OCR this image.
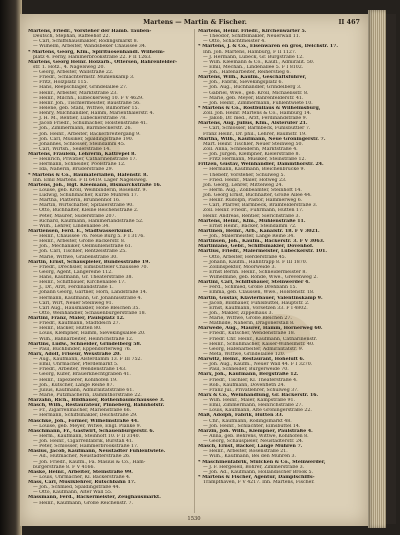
Martens — Martin & Fischer.	II 467

Martens, Friedr., Vorsteher der Hamb. Tauben-

Deutsch, Stephan, Raffeehof 22.

— Carl, Schiffshausmakler, Rödingsmarkt 8.

— Wilhelm, Arbeiter, Wandsbeker Chaussee 34.

* Martens, Georg, Kfm., Spirituosenhandl. Wilhelm-

platz 4. Ferny, Hammerbrookstraße 22. F II 1263.

Martens, Georg Heinr. Holzarb., Ottersen, Bahrenfelder-

str. 1. Hotz., 4. Nagelsweg 20.

— Georg, Arbeiter, Wallstraße 22.

— Friedr., Schlachtermstr. Mühlenkamp 3.

— Fritz, Holzplatz 115.

— Hans, Reepschläger, Grindelallee 27.

— Heinr., Arbeiter, Marktstraße 23.

— Heinr., Milchh., Eilbeckerweg 10. F V 4629.

— Heinr. Joh., Tischlermeister, Baustraße 56.

— Helene, geb. Stahl, Wittwe, Billhorner 15.

— Henry, Milchhändler, Hamm, Marienthalerstr. 4.

— J. H. M., Rentier, Lübeckerstraße 78.

— Jacob Friedr., Schumacher, Holstenstraße 41.

— Joh., Zimmermann, Barmbeckerstr. 26.

— Joh. Heinr., Arbeiter, Bäckerbreitergang 9.

— Joh. Carl, Musiker, Spaldingstraße 190.

— Johannes, Schlosser, Steindamm 45.

— Carl, Wirtsh., Seilerstraße 14.

Martens, Fräulein, Lehrerin, Kattrepel 8.

— Heinrich, Privatier, Catharinenstraße 17.

— Hermann, Schneider, Poolstraße 12.

— Ida, Näherin, Brüderstraße 29.

* Martens & Co., Baumaterialien, Hafenstr. 8.

Inh. Emil Martens. F II 6419. Lager Nagelsweg.

Martens, Joh., Hgt. Kleemann, Bismarckstraße 16.

— Louise, geb. Kroll, Weißbinderin, Rosenstr. 9.

— Ludwig, Schuhmacher, Kurze Mühren 17.

— Martha, Plätterin, Brunnenhof 16.

— Martin, Wirtschafter, Spitalerstraße 90.

— Otto, Buchhalter, Kleine Reichenstraße 2.

— Peter, Maurer, Süderstraße 207.

— Richard, Kaufmann, Hammerlandstraße 52.

— Wilh., Lehrer, Lindenallee 34.

Martiensen, Ferd. E., Stadtwasserkunst.

— Heinr., Chaussee 76. Neue Burg 5. F I 3176.

— Heinr., Arbeiter, Große Bäckerstr. 8.

— Joh., Mechaniker, Oelmühlenstraße 61.

— Joh. Carl, Tischler, Rentzelstraße 25.

— Marie, Wittwe, Grabenstraße 30.

Martin, Ernst, Schauspieler, Bundesstraße 19.

— Friedr., Drechsler, Eimsbütteler Chaussee 70.

— Georg, Agent, Langereihe 112.

— Hans, Kaufmann, Gr. Theaterstraße 38.

— Heinr., Schiffbauer, Kirchenallee 17.

— J., Dr., Arzt, Ferdinandstraße 1.

— Johann Georg, Gärtner, Horn, Landstraße 14.

— Hermann, Kaufmann, Gr. Johannisstraße 4.

— Carl, Wirt, Neuer Steinweg 91.

— Carl Aug., Hausmakler, Hohe Bleichen 35.

— Otto, Weinhändler, Schauenburgerstraße 18.

Martini, Franz, Maler, Paulsplatz 12.

— Friedr., Kaufmann, Stadtdeich 27.

— Heinr., Bäcker, Hütten 80.

— Louis, Klempner, Hamm, Sievekingsallee 20.

— Wilh., Bahnarbeiter, Heinrichstraße 12.

Martins, Ludw., Schneider, Grindelberg 58.

— Paul, Buchbinder, Eppendorferweg 76.

Marx, Adolf, Friseur, Wexstraße 20.

— Aug., Kaufmann, Alsterdamm 13. F III 752.

— Emil, Uhrmacher, Pferdemarkt 5.

— Friedr., Arbeiter, Wendenstraße 143.

— Georg, Küfer, Brauerknechtgraben 41.

— Heinr., Tapezierer, Kohlhöfen 19.

— Joh., Kutscher, Lange Reihe 87.

— Julius, Kaufmann, Admiralitätstraße 61.

— Marie, Putzmacherin, Dammthorstraße 22.

Marzahn, Rich., Bildhauer, Rothenbaumchaussee 3.

Masch, Wilh., Restaurateur, Pinneberg, Bahnhofstr.

— Fr., Zigarrenmacher, Marienstraße 66.

— Hermann, Schiffsmakler, Deichstraße 29.

Maschke, Joh., Former, Wilhelmstraße 44.

— Louise, geb. Meyer, Witwe, Engl. Planke 9.

Maschmann, Fr., Gastwirt, Schauenburgerstr. 6.

— Herm., Kaufmann, Steinhöft 10. F II 3140.

— Joh. Heinr., Cigarrenfabrik, Burstah 41.

— Peter, Schlosser, Hammerbrookstraße 17.

Masius, Jacob, Kaufmann, Neustädter Fuhlentwiete.

— Ad., Hutmacher, Neustädterstraße 26.

— Joh. Friedr., Kaufm., Fa. Masius & Co., Ham-

burgerstraße 8. F V 4166.

Maske, Heinr., Arbeiter, Steinstraße 99.

— Louis, Uhrmacher, Kl. Bäckerstraße 4.

Mass, Carl, Musiklehrer, Rutschbahn 17.

— Joh., Schmied, Spaldingstraße 44.

— Otto, Kaufmann, Alter Wall 55.

Massmann, Ferd., Bäckermeister, Zeughausmarkt.

— Heinr., Kaufmann, Große Reichenstr. 7.

Martens, Heinr. Friedr., Kirchenwärter 5.

— Theodor, Schiffsmakler, Neuerwall 11.

— Otto, Schachtmeister 4.

* Martens, J. & Co., Eisenwaren en gros, Deichstr. 17.

Inh. Joh. Martens, Hamburg, F II 1127.

— J. Hermann, Lübeck, Gr. Burgstraße 12.

— Wilh. Kleemann & Co., Kaufl., Admiralit. 50.

— Emil, Mechan., Lindenallee 5. F I 8102.

— Joh., Hafenarbeiter, Reiherstieg 6.

Martens, Wilh., Kaufm., Geschäftsführer,

— Joh., Fabrik, Sievekingsplatz 6.

— Joh. Aug., Buchhändler, Grindelberg 3.

— Gabriel, Wwe., geb. Kroll, Michaelisstr. 8.

— Marie, geb. Meyer, Bahrenfelderstr. 41.

— Joh. Heinr., Zimmermann, Fuhlentwiete 10.

* Martens & Co., Rostbüllaus & Wilhelmsburg,

Zoll. Joh. Heinr. Martens & Co., Hamburg 14.

— Jakob, Dr. med., Arzt, Ferdinandstraße 9.

Martens, Aug. Julius, Kfm., Alsterufer 21.

— Carl, Schlosser, Barmbeck, Fuhlsbüttler 7.

Franz Heinr., Dr. phil., Lehrer, Baumstr. 19.

Martha, Wilh., Kaufmann, Neue Gröningerstr. 7.

Mart. Heinr. Tischler, Neuer Steinweg 50.

Zoll. Anna, Schneiderin, Marktstraße 4.

— Joh. Jürgen, Klempner, Kielerstraße 8.

— Fritz Hermann, Musiker, Steinstraße 12.

Fritzen, Gustav, Weinhändler, Dammthorstr. 24.

— Hermann, Kaufmann, Bleichenbrücke 9.

— Thebefr, Vorsteher, Schulweg 5.

— Fried. Heinr., Maler, Hofweg 23.

Joh. Georg, Lehrer, Mittelweg 24.

— Herm. Aug., Zollbeamter, Steinhöft 14.

Joh. Georg Ernst, Buchhalter, Große Allee 44.

— Heinr. Rudolph, Pastor, Hammerweg 6.

— Carl, Pfarrer, Barmbeck, Bramfelderstraße 3.

Zoll. Heinr. Friedr., Fuhrmann, Hütten 17.

Heinr. Andreas, Rentier, Sierichstraße 3.

Martens, Heinr., Kfm., Mühlenstraße 11.

— Ernst Heinr., Bäcker, Steindamm 72.

Martinen, Heinr., Arb., Kanalstr. 18. F V 3021.

— Joh., Malermeister, Lange Reihe 34.

Martinsen, Joh., Kaufm., Bäckerstr. 3. F V 3063.

Martiniano, Gebr., Schiffsmakler, Dovenhof.

Martius, Friedr., Malermeister, Lübeckerstr. 101.

— Otto, Arbeiter, Herderstraße 45.

— Johann, Kaufm., Hahntrapp 8. F III 1870.

— Zollinspektor, Moorweide 3.

— Ernst Bernh. Heinr., Schneidermeister 8.

— Wilhelmine, geb. Rohde, Wwe., Grevenweg 2.

Martini, Carl, Schiffsbauer, Steinwerder 4.

— Ferd., Schmied, Große Drehbahn 15.

— Emma, geb. Claussen, Wwe., Holstenstr. 18.

Martin, Gustav, Klavierbauer, Valentinskamp 9.

— Jacob, Bildhauer, Fuhlsbüttel, Hauptstr. 2.

— Ernst, Kaufmann, Vorsetzen 33. F I 4802.

— Joh., Makler, Zippelhaus 3.

— Marie, Wittwe, Große Bleichen 27.

— Mathilde, Näherin, Dragonerstall 8.

Marwede, Aug., Maurer, Hamm, Hornerweg 60.

— Friedr., Kutscher, Wendenstraße 18.

— Friedr. Chr. Heinr., Kaufmann, Catharinenstr.

— Heinr., Schuhmacher, Kaiser-Wilhelmstr. 40.

— Georg, Hafenarbeiter, Admiralitätstr. 9.

— Meta, Wittwe, Grindelallee 120.

Marwitz, Heinr., Restaurant, Hoheluft 6.

— Joh. Aug., Kaufm., Neuer Wall 44. F I 3270.

— Paul, Schneider, Bürgerweide 70.

Marx, Joh., Kaufmann, Bergstraße 12.

— Friedr., Tischler, Kl. Theaterstraße 4.

— Rob., Kaufmann, Dovenfleth 24.

— Franz Jul., Privatlehrer, Schulweg 37.

Marx & Co., Weinhandlung, Gr. Bäckerstr. 16.

— Wilh. Heinr., Maler, Kampstraße 91.

— Emil, Zimmermann, Heinrichstraße 27.

— Louis, Kaufmann, Alte Gröningerstraße 22.

Maß, Adolph, Fabrik, Hütten 33.

— Chr., Kaufmann, Rödingsmarkt 48.

— Joh. Heinr., Schlachter, Eimsbüttel 14.

Marzin, Joh. Wilh., Klempner, Paulstraße 4.

— Anna, geb. Behrens, Wittwe, Kohlhöfen 8.

— Georg, Schauspieler, Neustädterstr. 24.

Masch, Ernst, Bäcker, Lange Mühren 7.

— Heinr., Arbeiter, Rosenstraße 21.

— Wilh., Kaufmann, Bei den Mühren 3.

* Maschinenfabrik, Stülcken & Co., Steinwerder,

— J. F. Hergesell, Bohrer, Zimmerstraße 3.

— Joh. Ad., Kaufmann, Holländischer Brook 5.

* Martens & Fischer, Agentur, Dampfschiffs-

Trampfhaven, F V 4217. Inh. Martens, Fischer.

1530
